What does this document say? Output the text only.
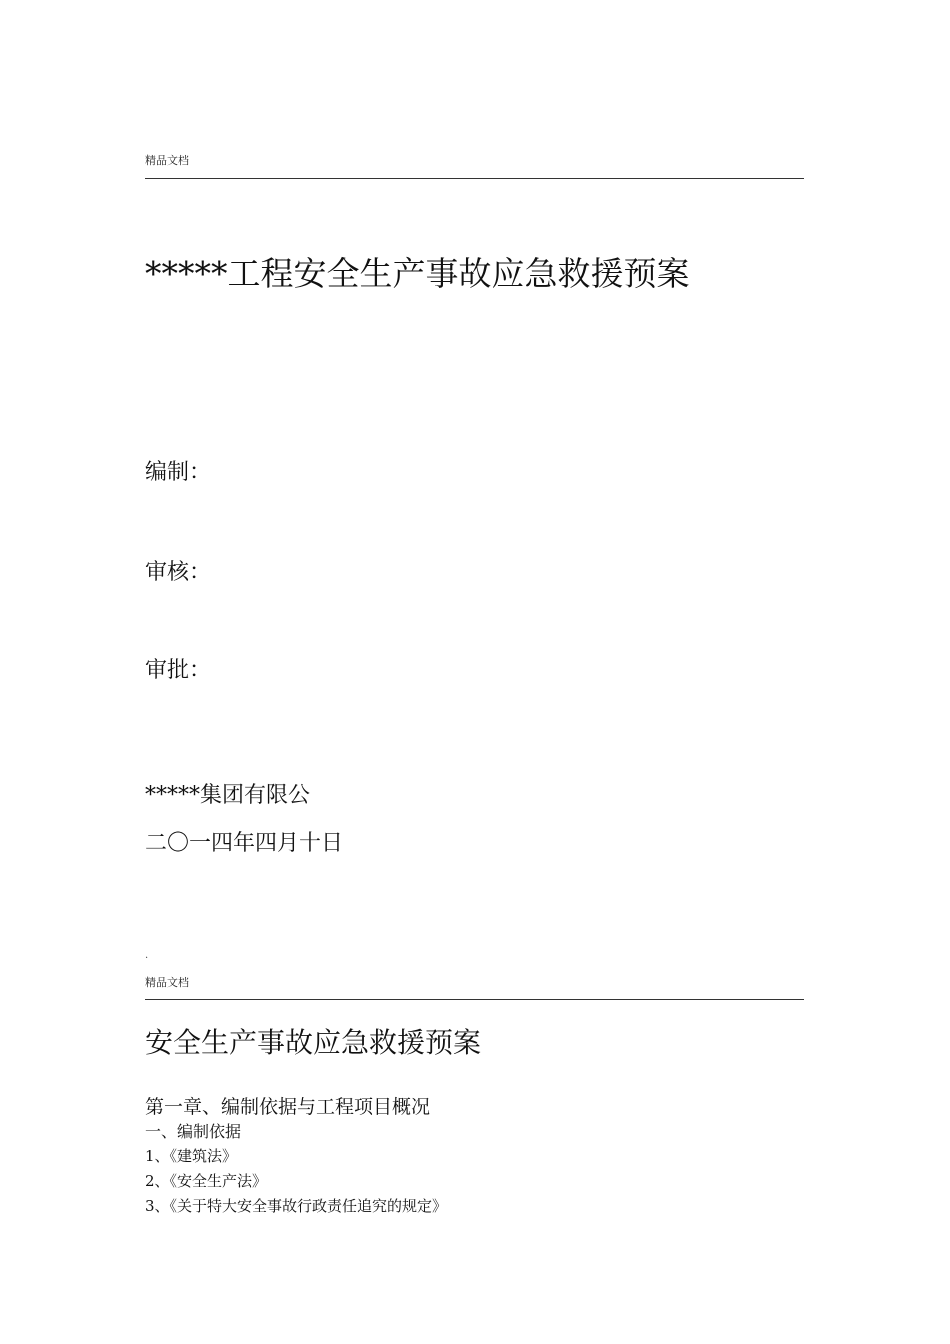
精品文档
*****工程安全生产事故应急救援预案
编制：
审核：
审批：
*****集团有限公
二〇一四年四月十日
.
精品文档
安全生产事故应急救援预案
第一章、编制依据与工程项目概况
一、编制依据
1、《建筑法》
2、《安全生产法》
3、《关于特大安全事故行政责任追究的规定》
